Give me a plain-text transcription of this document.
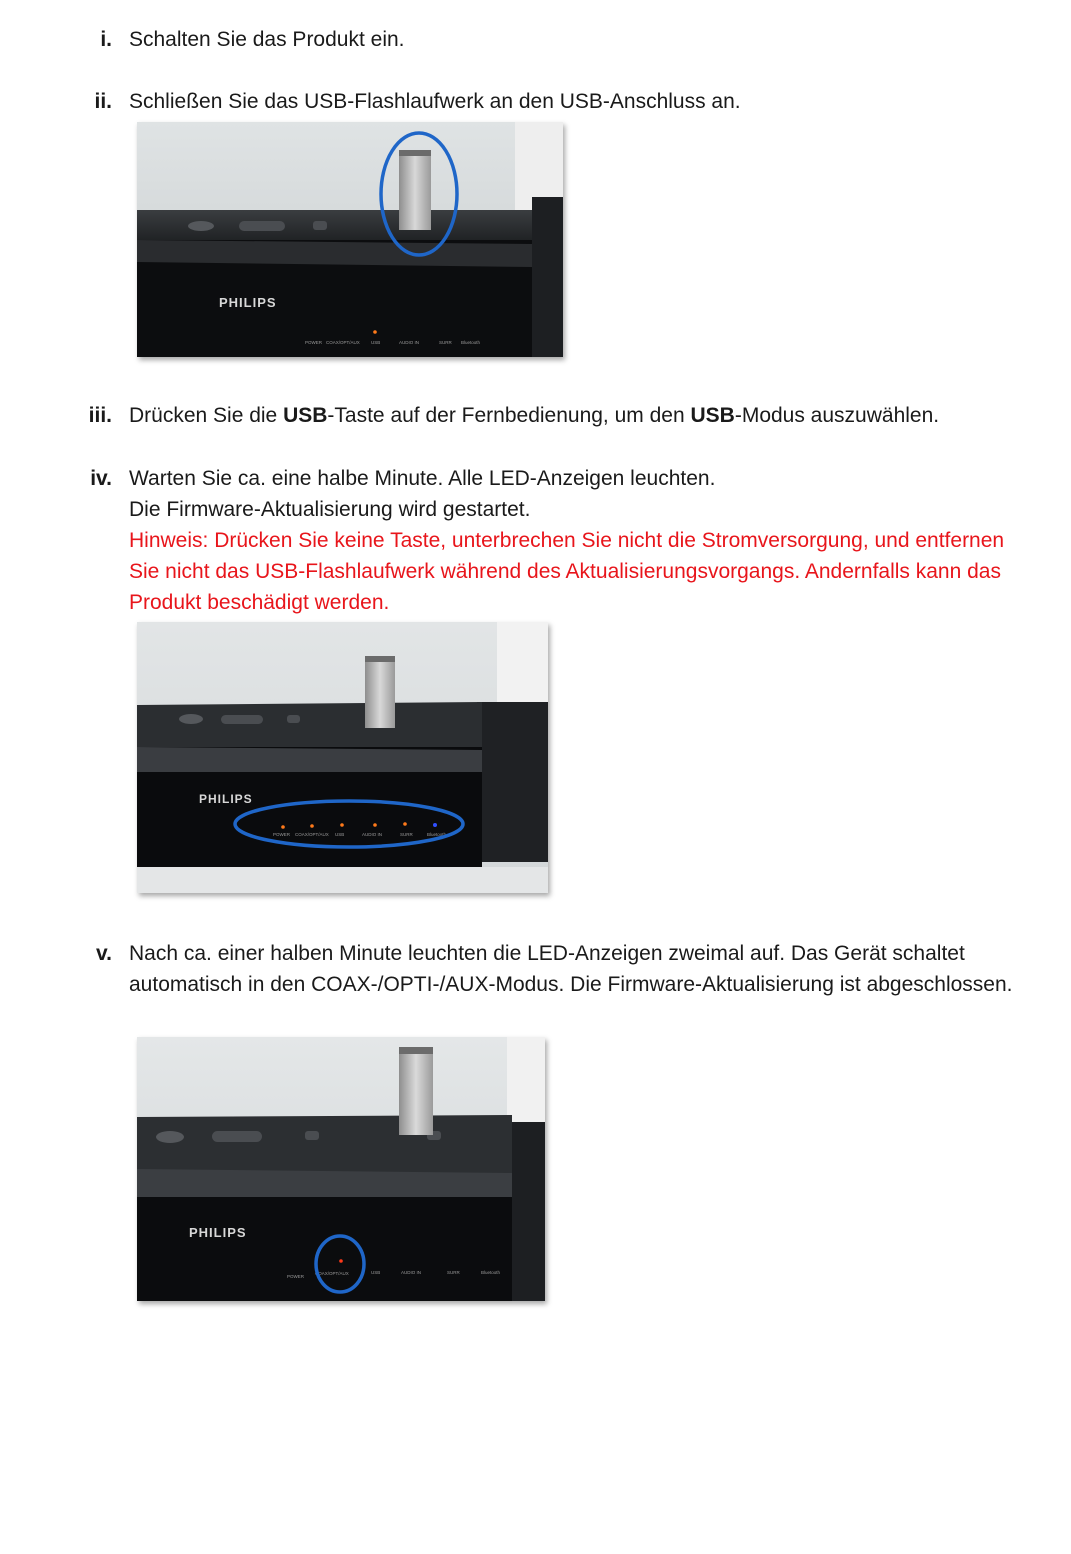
i. Schalten Sie das Produkt ein.
ii. Schließen Sie das USB-Flashlaufwerk an den USB-Anschluss an.
PHILIPS
POWER COAX/OPT/AUX USB	AUDIO IN	SURR Bluetooth
iii. Drücken Sie die USB-Taste auf der Fernbedienung, um den USB-Modus auszuwählen.
iv. Warten Sie ca. eine halbe Minute. Alle LED-Anzeigen leuchten.
Die Firmware-Aktualisierung wird gestartet.
Hinweis: Drücken Sie keine Taste, unterbrechen Sie nicht die Stromversorgung, und entfernen Sie nicht das USB-Flashlaufwerk während des Aktualisierungsvorgangs. Andernfalls kann das Produkt beschädigt werden.
PHILIPS
POWER COAX/OPT/AUX USB	AUDIO IN	SURR	Bluetooth
v. Nach ca. einer halben Minute leuchten die LED-Anzeigen zweimal auf. Das Gerät schaltet automatisch in den COAX-/OPTI-/AUX-Modus. Die Firmware-Aktualisierung ist abgeschlossen.
PHILIPS
POWER
COAX/OPT/AUX	USB	AUDIO IN	SURR	Bluetooth
